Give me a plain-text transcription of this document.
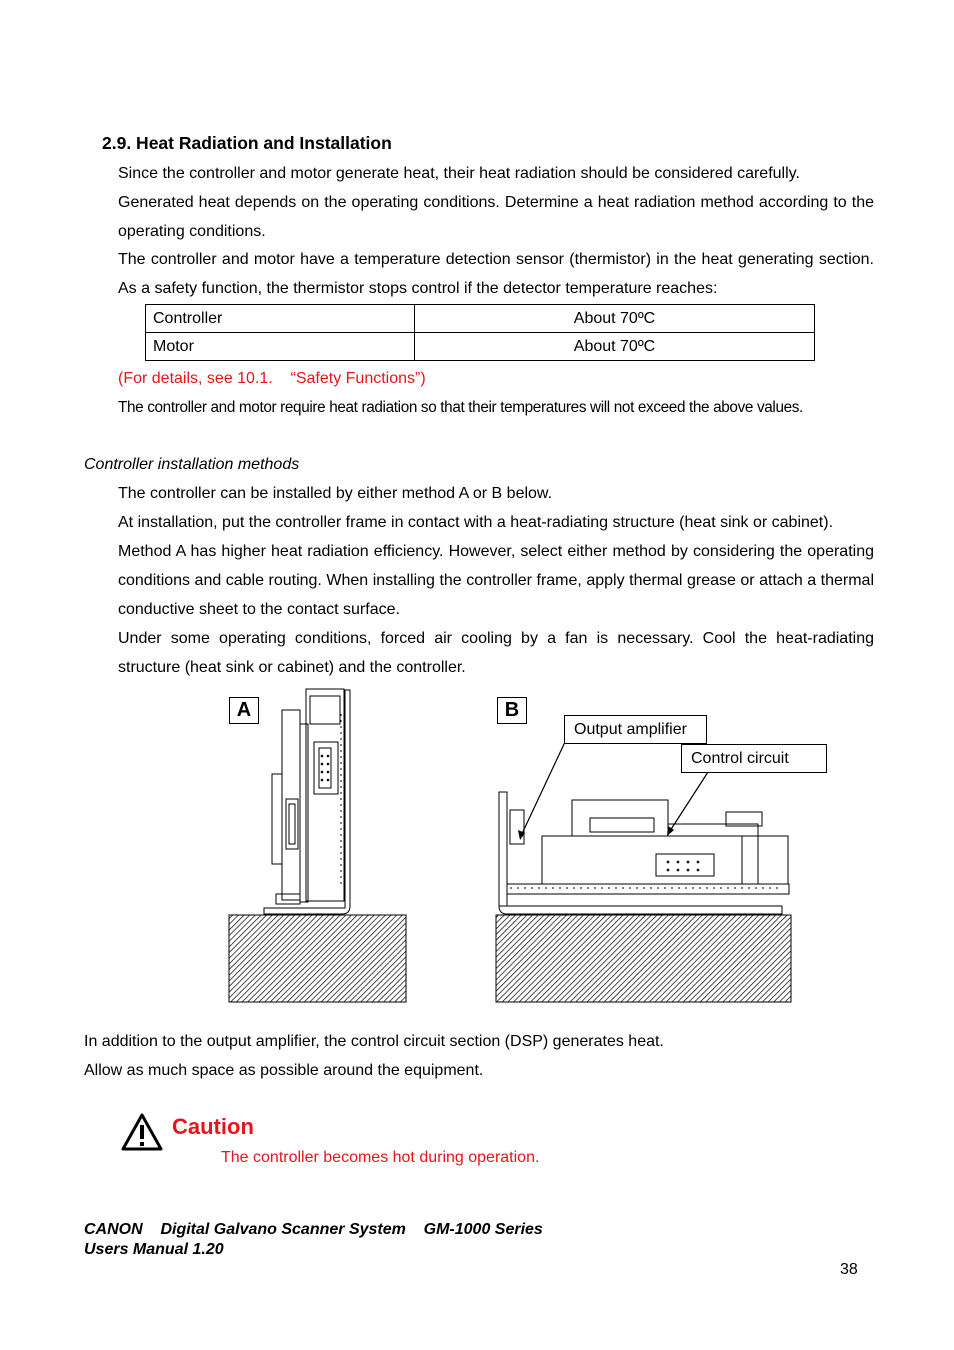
2.9. Heat Radiation and Installation

Since the controller and motor generate heat, their heat radiation should be considered carefully.

Generated heat depends on the operating conditions. Determine a heat radiation method according to the operating conditions.

The controller and motor have a temperature detection sensor (thermistor) in the heat generating section. As a safety function, the thermistor stops control if the detector temperature reaches:

Controller	About 70ºC
Motor	About 70ºC
(For details, see 10.1.    “Safety Functions”)
The controller and motor require heat radiation so that their temperatures will not exceed the above values.
Controller installation methods

The controller can be installed by either method A or B below.

At installation, put the controller frame in contact with a heat-radiating structure (heat sink or cabinet).

Method A has higher heat radiation efficiency. However, select either method by considering the operating conditions and cable routing. When installing the controller frame, apply thermal grease or attach a thermal conductive sheet to the contact surface.

Under some operating conditions, forced air cooling by a fan is necessary. Cool the heat-radiating structure (heat sink or cabinet) and the controller.

A	B
Output amplifier
Control circuit
In addition to the output amplifier, the control circuit section (DSP) generates heat.
Allow as much space as possible around the equipment.
Caution
The controller becomes hot during operation.
CANON    Digital Galvano Scanner System    GM-1000 Series
Users Manual 1.20
38
